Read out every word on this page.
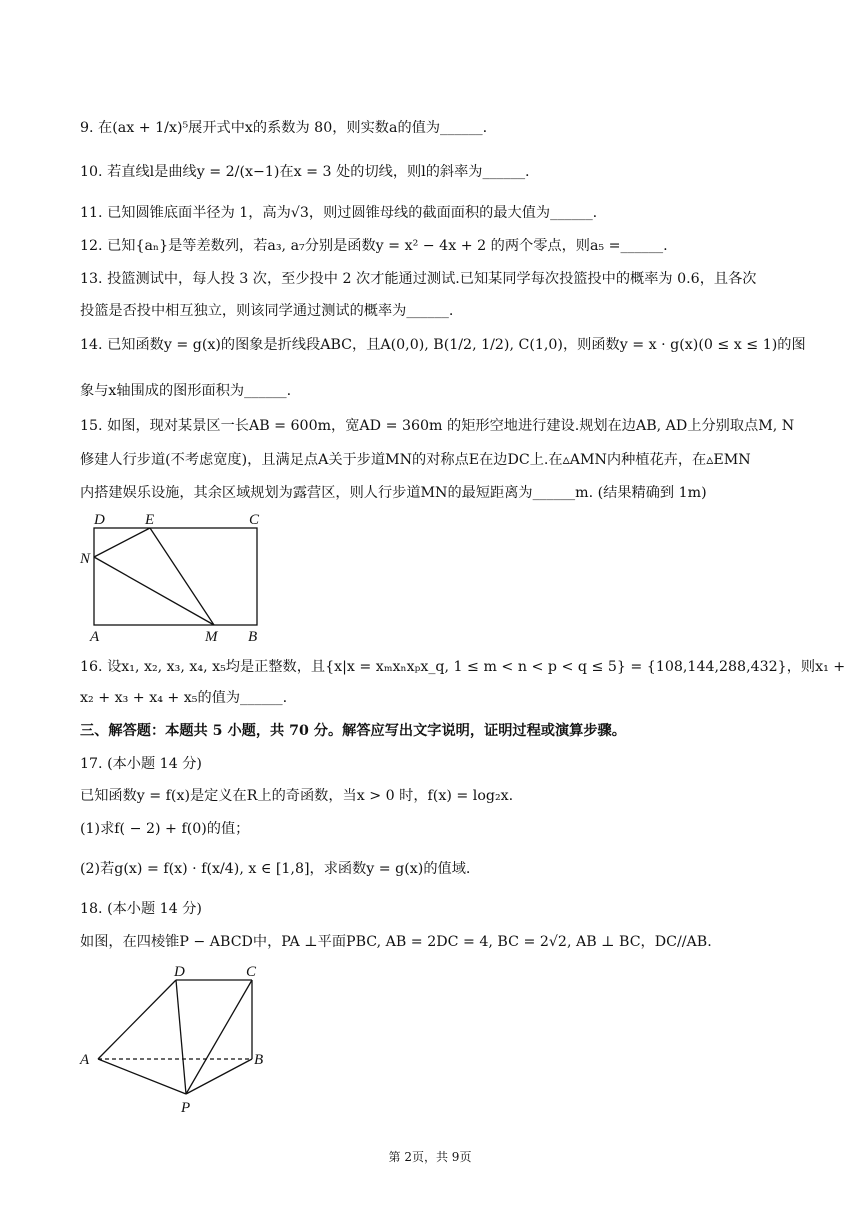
9. 在(ax + 1/x)⁵展开式中x的系数为 80，则实数a的值为______.
10. 若直线l是曲线y = 2/(x−1)在x = 3 处的切线，则l的斜率为______.
11. 已知圆锥底面半径为 1，高为√3，则过圆锥母线的截面面积的最大值为______.
12. 已知{aₙ}是等差数列，若a₃, a₇分别是函数y = x² − 4x + 2 的两个零点，则a₅ =______.
13. 投篮测试中，每人投 3 次，至少投中 2 次才能通过测试.已知某同学每次投篮投中的概率为 0.6，且各次
投篮是否投中相互独立，则该同学通过测试的概率为______.
14. 已知函数y = g(x)的图象是折线段ABC，且A(0,0), B(1/2, 1/2), C(1,0)，则函数y = x · g(x)(0 ≤ x ≤ 1)的图
象与x轴围成的图形面积为______.
15. 如图，现对某景区一长AB = 600m，宽AD = 360m 的矩形空地进行建设.规划在边AB, AD上分别取点M, N
修建人行步道(不考虑宽度)，且满足点A关于步道MN的对称点E在边DC上.在▵AMN内种植花卉，在▵EMN
内搭建娱乐设施，其余区域规划为露营区，则人行步道MN的最短距离为______m. (结果精确到 1m)
D	E	C
N
A	M B
16. 设x₁, x₂, x₃, x₄, x₅均是正整数，且{x|x = xₘxₙxₚx_q, 1 ≤ m < n < p < q ≤ 5} = {108,144,288,432}，则x₁ +
x₂ + x₃ + x₄ + x₅的值为______.
三、解答题：本题共 5 小题，共 70 分。解答应写出文字说明，证明过程或演算步骤。
17. (本小题 14 分)
已知函数y = f(x)是定义在R上的奇函数，当x > 0 时，f(x) = log₂x.
(1)求f( − 2) + f(0)的值；
(2)若g(x) = f(x) · f(x/4), x ∈ [1,8]，求函数y = g(x)的值域.
18. (本小题 14 分)
如图，在四棱锥P − ABCD中，PA ⊥平面PBC, AB = 2DC = 4, BC = 2√2, AB ⊥ BC，DC//AB.
D	C
A	B
P
第 2页，共 9页
